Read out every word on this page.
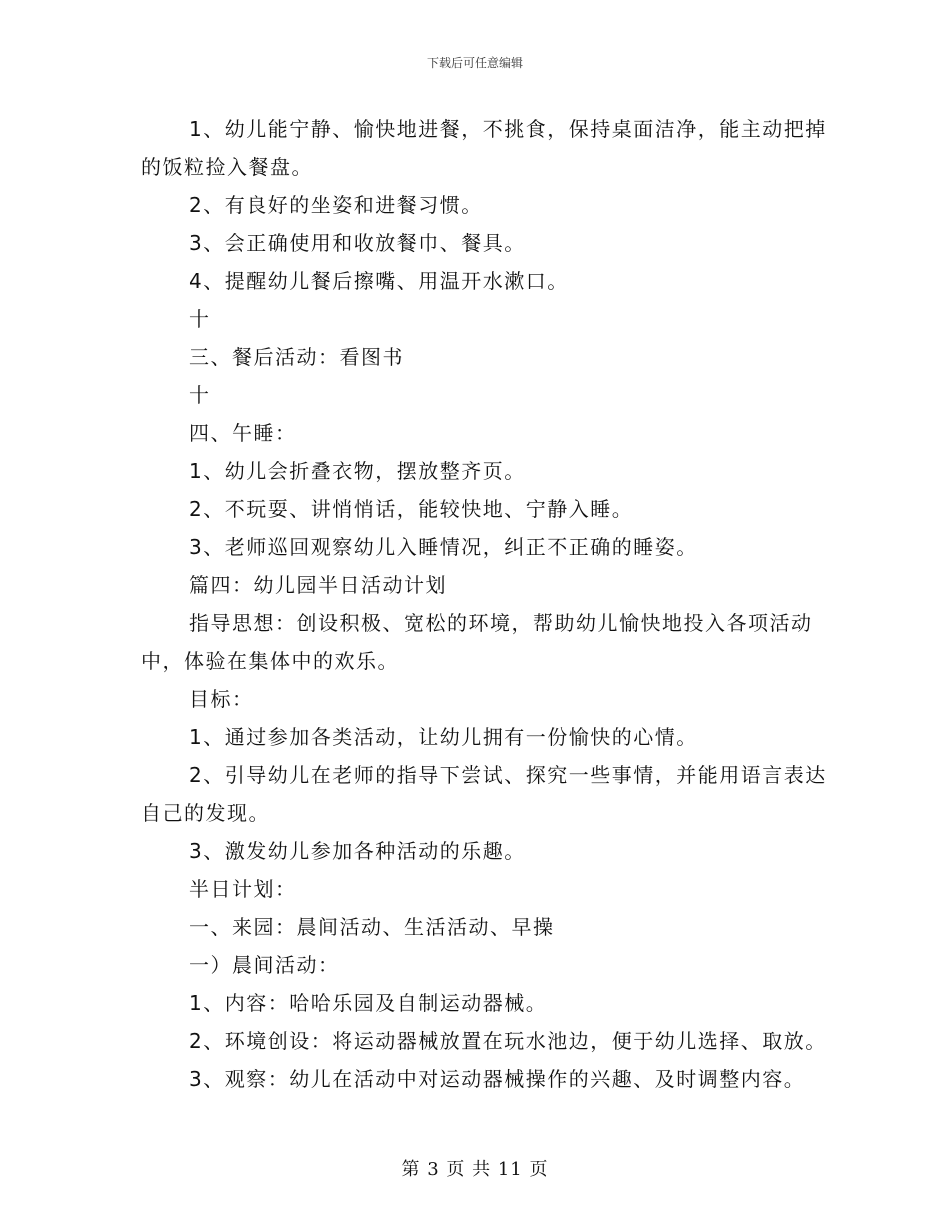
下载后可任意编辑

1、幼儿能宁静、愉快地进餐，不挑食，保持桌面洁净，能主动把掉的饭粒捡入餐盘。

2、有良好的坐姿和进餐习惯。

3、会正确使用和收放餐巾、餐具。

4、提醒幼儿餐后擦嘴、用温开水漱口。

十

三、餐后活动：看图书

十

四、午睡：

1、幼儿会折叠衣物，摆放整齐页。

2、不玩耍、讲悄悄话，能较快地、宁静入睡。

3、老师巡回观察幼儿入睡情况，纠正不正确的睡姿。

篇四：幼儿园半日活动计划

指导思想：创设积极、宽松的环境，帮助幼儿愉快地投入各项活动中，体验在集体中的欢乐。

目标：

1、通过参加各类活动，让幼儿拥有一份愉快的心情。

2、引导幼儿在老师的指导下尝试、探究一些事情，并能用语言表达自己的发现。

3、激发幼儿参加各种活动的乐趣。

半日计划：

一、来园：晨间活动、生活活动、早操

一）晨间活动：

1、内容：哈哈乐园及自制运动器械。

2、环境创设：将运动器械放置在玩水池边，便于幼儿选择、取放。

3、观察：幼儿在活动中对运动器械操作的兴趣、及时调整内容。

第 3 页 共 11 页
